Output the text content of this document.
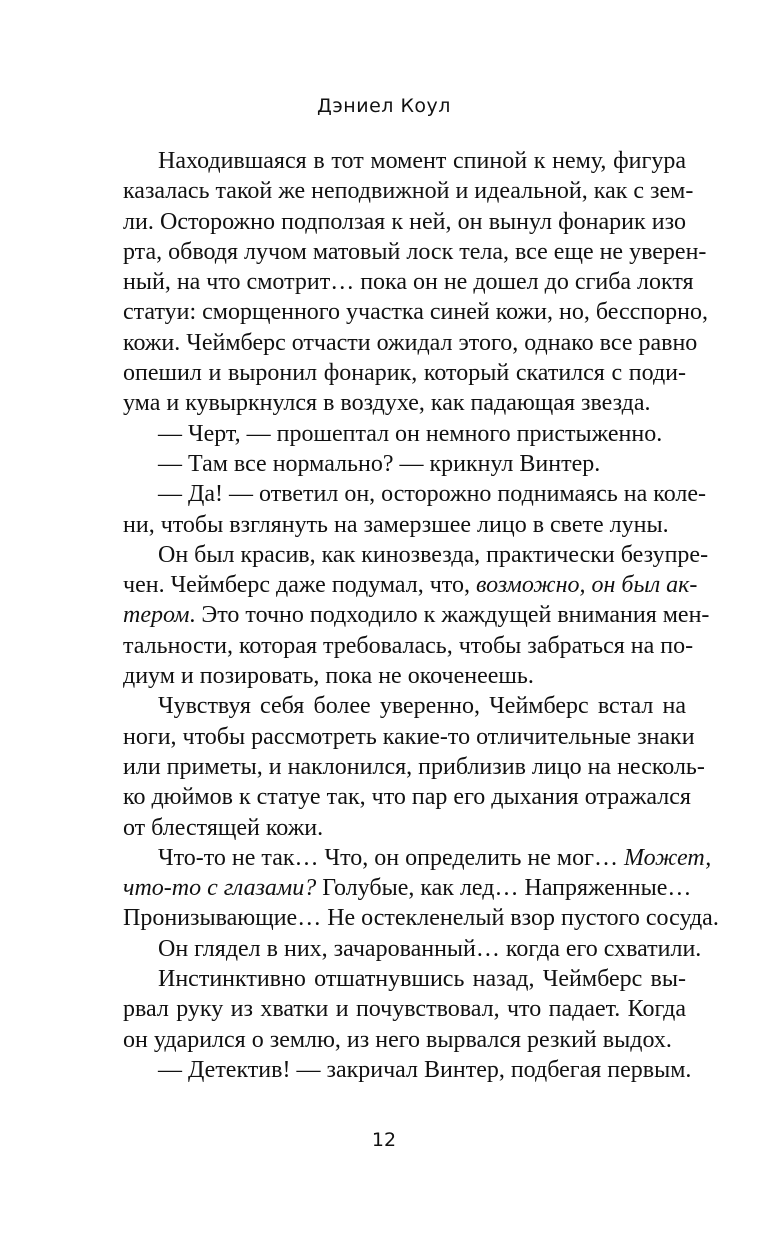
Дэниел Коул
Находившаяся в тот момент спиной к нему, фигура
казалась такой же неподвижной и идеальной, как с зем-
ли. Осторожно подползая к ней, он вынул фонарик изо
рта, обводя лучом матовый лоск тела, все еще не уверен-
ный, на что смотрит… пока он не дошел до сгиба локтя
статуи: сморщенного участка синей кожи, но, бесспорно,
кожи. Чеймберс отчасти ожидал этого, однако все равно
опешил и выронил фонарик, который скатился с поди-
ума и кувыркнулся в воздухе, как падающая звезда.
— Черт, — прошептал он немного пристыженно.
— Там все нормально? — крикнул Винтер.
— Да! — ответил он, осторожно поднимаясь на коле-
ни, чтобы взглянуть на замерзшее лицо в свете луны.
Он был красив, как кинозвезда, практически безупре-
чен. Чеймберс даже подумал, что, возможно, он был ак-
тером. Это точно подходило к жаждущей внимания мен-
тальности, которая требовалась, чтобы забраться на по-
диум и позировать, пока не окоченеешь.
Чувствуя себя более уверенно, Чеймберс встал на
ноги, чтобы рассмотреть какие-то отличительные знаки
или приметы, и наклонился, приблизив лицо на несколь-
ко дюймов к статуе так, что пар его дыхания отражался
от блестящей кожи.
Что-то не так… Что, он определить не мог… Может,
что-то с глазами? Голубые, как лед… Напряженные…
Пронизывающие… Не остекленелый взор пустого сосуда.
Он глядел в них, зачарованный… когда его схватили.
Инстинктивно отшатнувшись назад, Чеймберс вы-
рвал руку из хватки и почувствовал, что падает. Когда
он ударился о землю, из него вырвался резкий выдох.
— Детектив! — закричал Винтер, подбегая первым.
12
